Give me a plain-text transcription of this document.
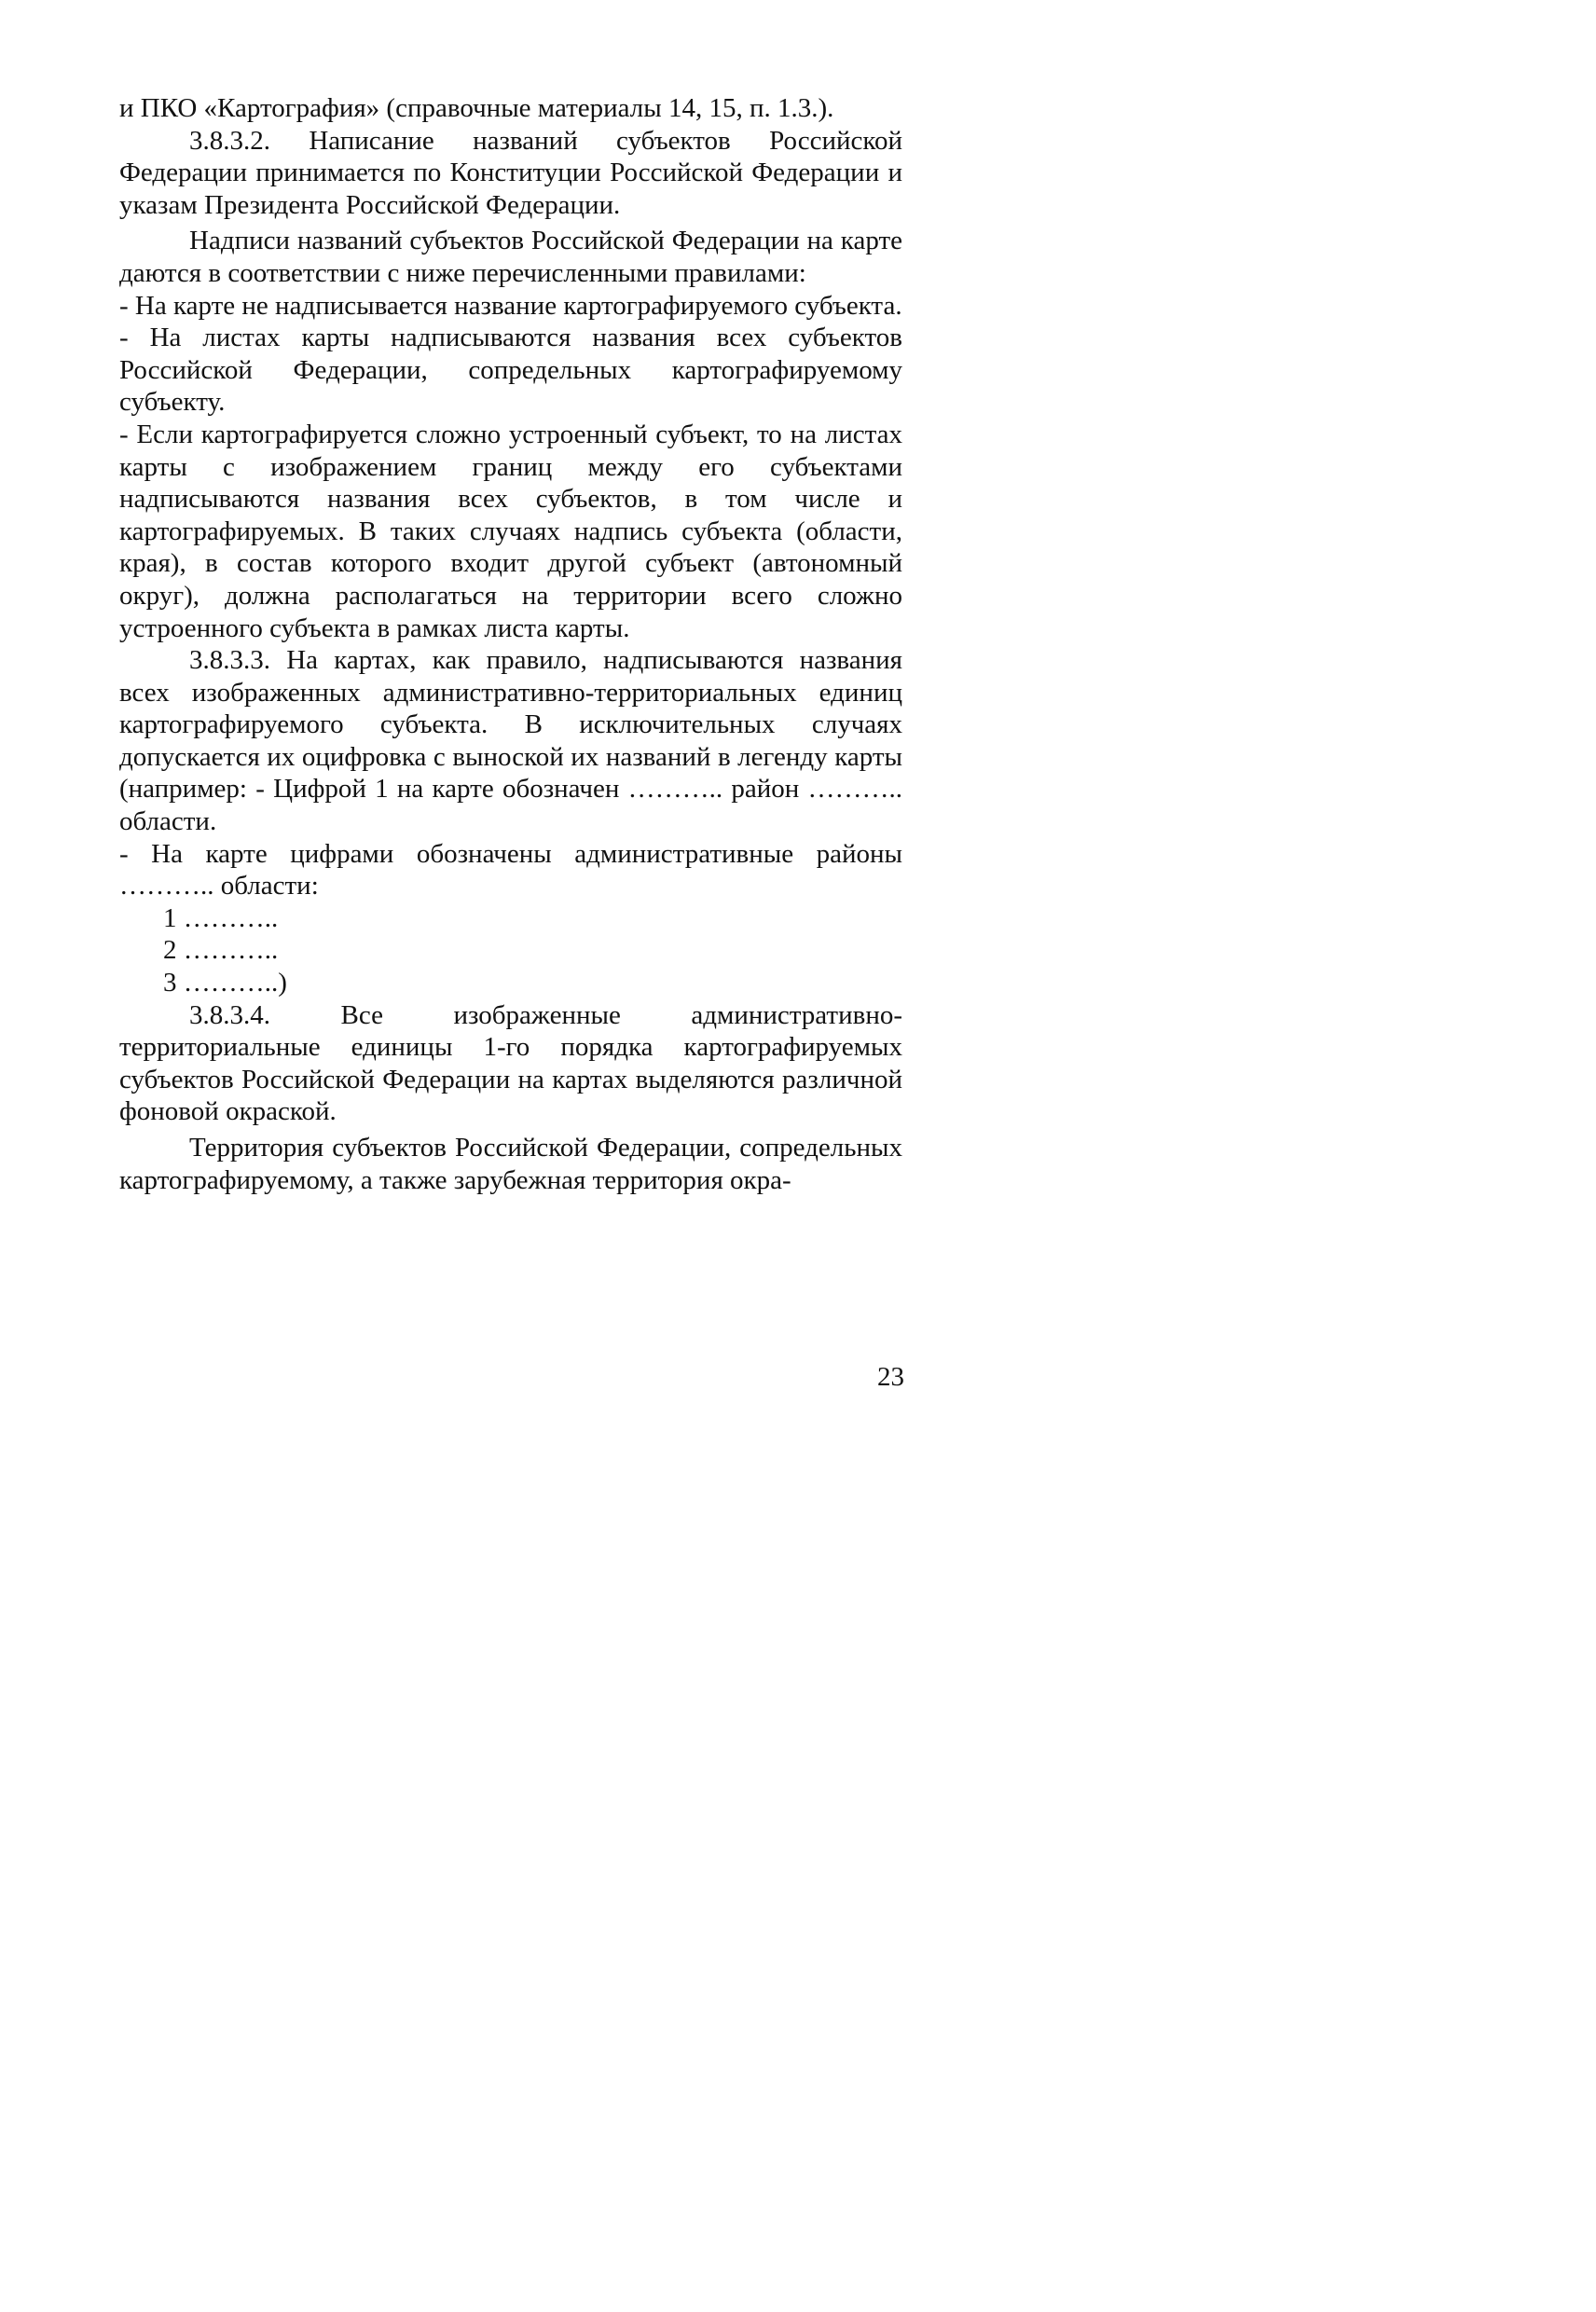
и ПКО «Картография» (справочные материалы 14, 15, п. 1.3.).

3.8.3.2. Написание названий субъектов Российской Федерации принимается по Конституции Российской Федерации и указам Президента Российской Федерации.

Надписи названий субъектов Российской Федерации на карте даются в соответствии с ниже перечисленными правилами:

- На карте не надписывается название картографируемого субъекта.

- На листах карты надписываются названия всех субъектов Российской Федерации, сопредельных картографируемому субъекту.

- Если картографируется сложно устроенный субъект, то на листах карты с изображением границ между его субъектами надписываются названия всех субъектов, в том числе и картографируемых. В таких случаях надпись субъекта (области, края), в состав которого входит другой субъект (автономный округ), должна располагаться на территории всего сложно устроенного субъекта в рамках листа карты.

3.8.3.3. На картах, как правило, надписываются названия всех изображенных административно-территориальных единиц картографируемого субъекта. В исключительных случаях допускается их оцифровка с выноской их названий в легенду карты (например: - Цифрой 1 на карте обозначен ……….. район ……….. области.

- На карте цифрами обозначены административные районы ……….. области:

1 ………..

2 ………..

3 ………..)

3.8.3.4. Все изображенные административно-территориальные единицы 1-го порядка картографируемых субъектов Российской Федерации на картах выделяются различной фоновой окраской.

Территория субъектов Российской Федерации, сопредельных картографируемому, а также зарубежная территория окра-

23
